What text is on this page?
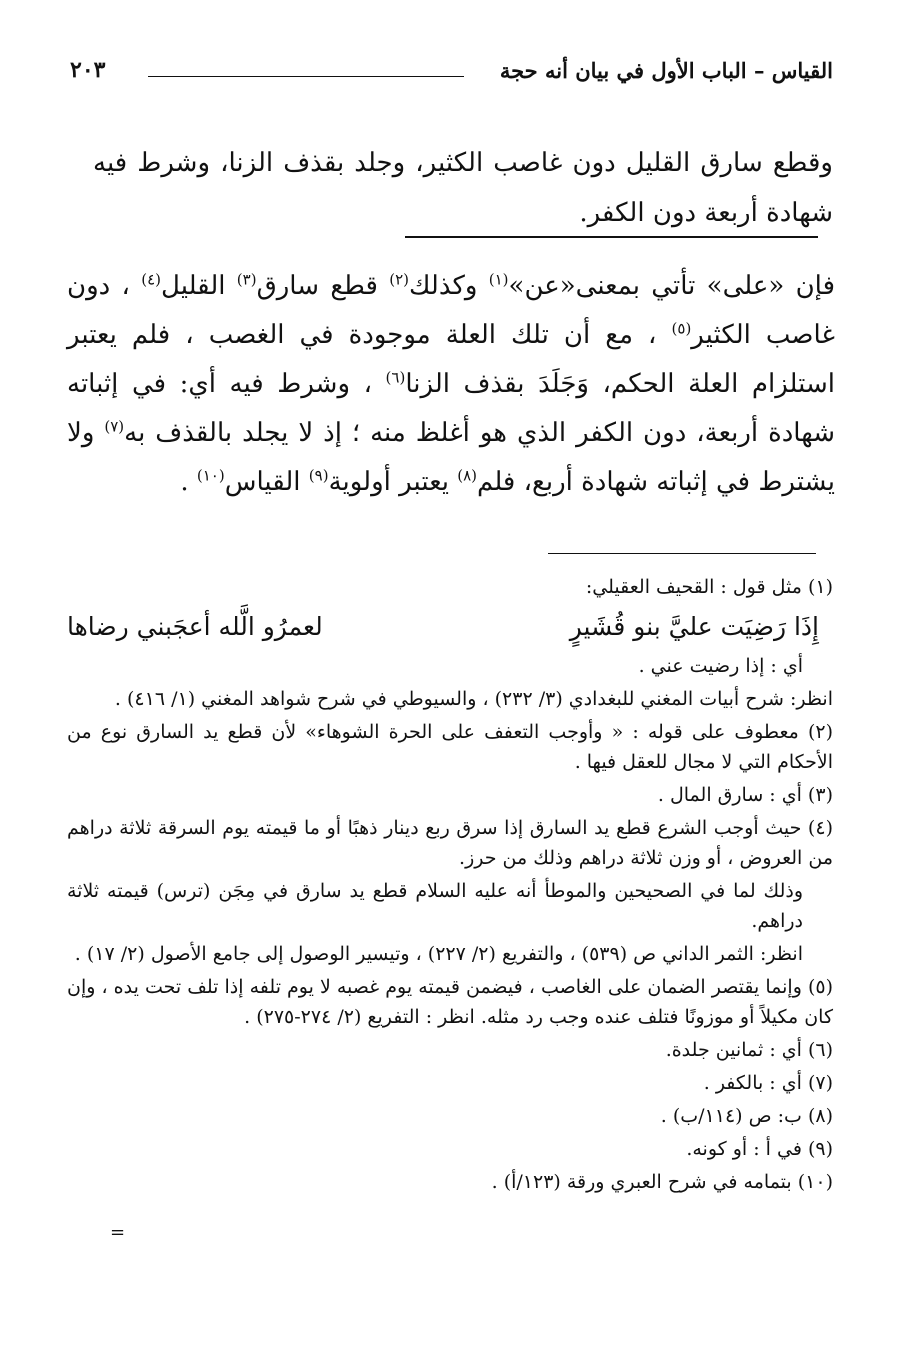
القياس – الباب الأول في بيان أنه حجة
٢٠٣
وقطع سارق القليل دون غاصب الكثير، وجلد بقذف الزنا، وشرط فيه شهادة أربعة دون الكفر.
فإن «على» تأتي بمعنى«عن»$^{(١)}$ وكذلك$^{(٢)}$ قطع سارق$^{(٣)}$ القليل$^{(٤)}$ ، دون غاصب الكثير$^{(٥)}$ ، مع أن تلك العلة موجودة في الغصب ، فلم يعتبر استلزام العلة الحكم، وَجَلَدَ بقذف الزنا$^{(٦)}$ ، وشرط فيه أي: في إثباته شهادة أربعة، دون الكفر الذي هو أغلظ منه ؛ إذ لا يجلد بالقذف به$^{(٧)}$ ولا يشترط في إثباته شهادة أربع، فلم$^{(٨)}$ يعتبر أولوية$^{(٩)}$ القياس$^{(١٠)}$ .
(١) مثل قول : القحيف العقيلي:
إِذَا رَضِيَت عليَّ بنو قُشَيرٍ
لعمرُو الَّله أعجَبني رضاها
أي : إذا رضيت عني .
انظر: شرح أبيات المغني للبغدادي (٣/ ٢٣٢) ، والسيوطي في شرح شواهد المغني (١/ ٤١٦) .
(٢) معطوف على قوله : « وأوجب التعفف على الحرة الشوهاء» لأن قطع يد السارق نوع من الأحكام التي لا مجال للعقل فيها .
(٣) أي : سارق المال .
(٤) حيث أوجب الشرع قطع يد السارق إذا سرق ربع دينار ذهبًا أو ما قيمته يوم السرقة ثلاثة دراهم من العروض ، أو وزن ثلاثة دراهم وذلك من حرز.
وذلك لما في الصحيحين والموطأ أنه عليه السلام قطع يد سارق في مِجَن (ترس) قيمته ثلاثة دراهم.
انظر: الثمر الداني ص (٥٣٩) ، والتفريع (٢/ ٢٢٧) ، وتيسير الوصول إلى جامع الأصول (٢/ ١٧) .
(٥) وإنما يقتصر الضمان على الغاصب ، فيضمن قيمته يوم غصبه لا يوم تلفه إذا تلف تحت يده ، وإن كان مكيلاً أو موزونًا فتلف عنده وجب رد مثله. انظر : التفريع (٢/ ٢٧٤-٢٧٥) .
(٦) أي : ثمانين جلدة.
(٧) أي : بالكفر .
(٨) ب: ص (١١٤/ب) .
(٩) في أ : أو كونه.
(١٠) بتمامه في شرح العبري ورقة (١٢٣/أ) .
=
